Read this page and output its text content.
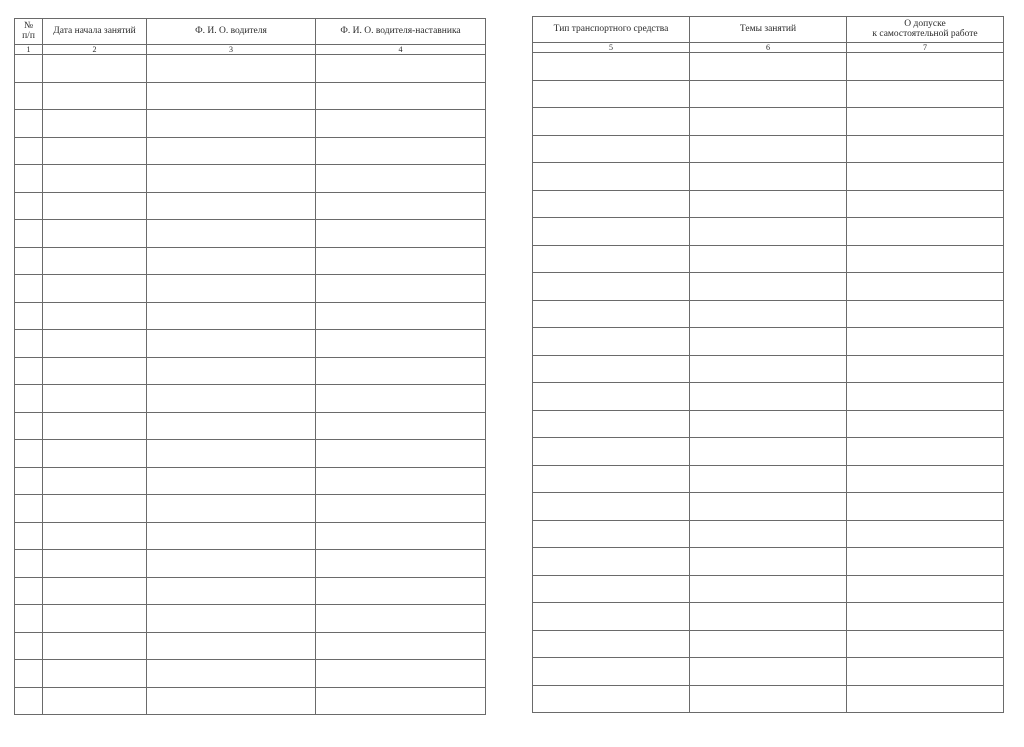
№
п/п	Дата начала занятий	Ф. И. О. водителя	Ф. И. О. водителя-наставника
1	2	3	4

Тип транспортного средства	Темы занятий	О допуске
к самостоятельной работе
5	6	7
